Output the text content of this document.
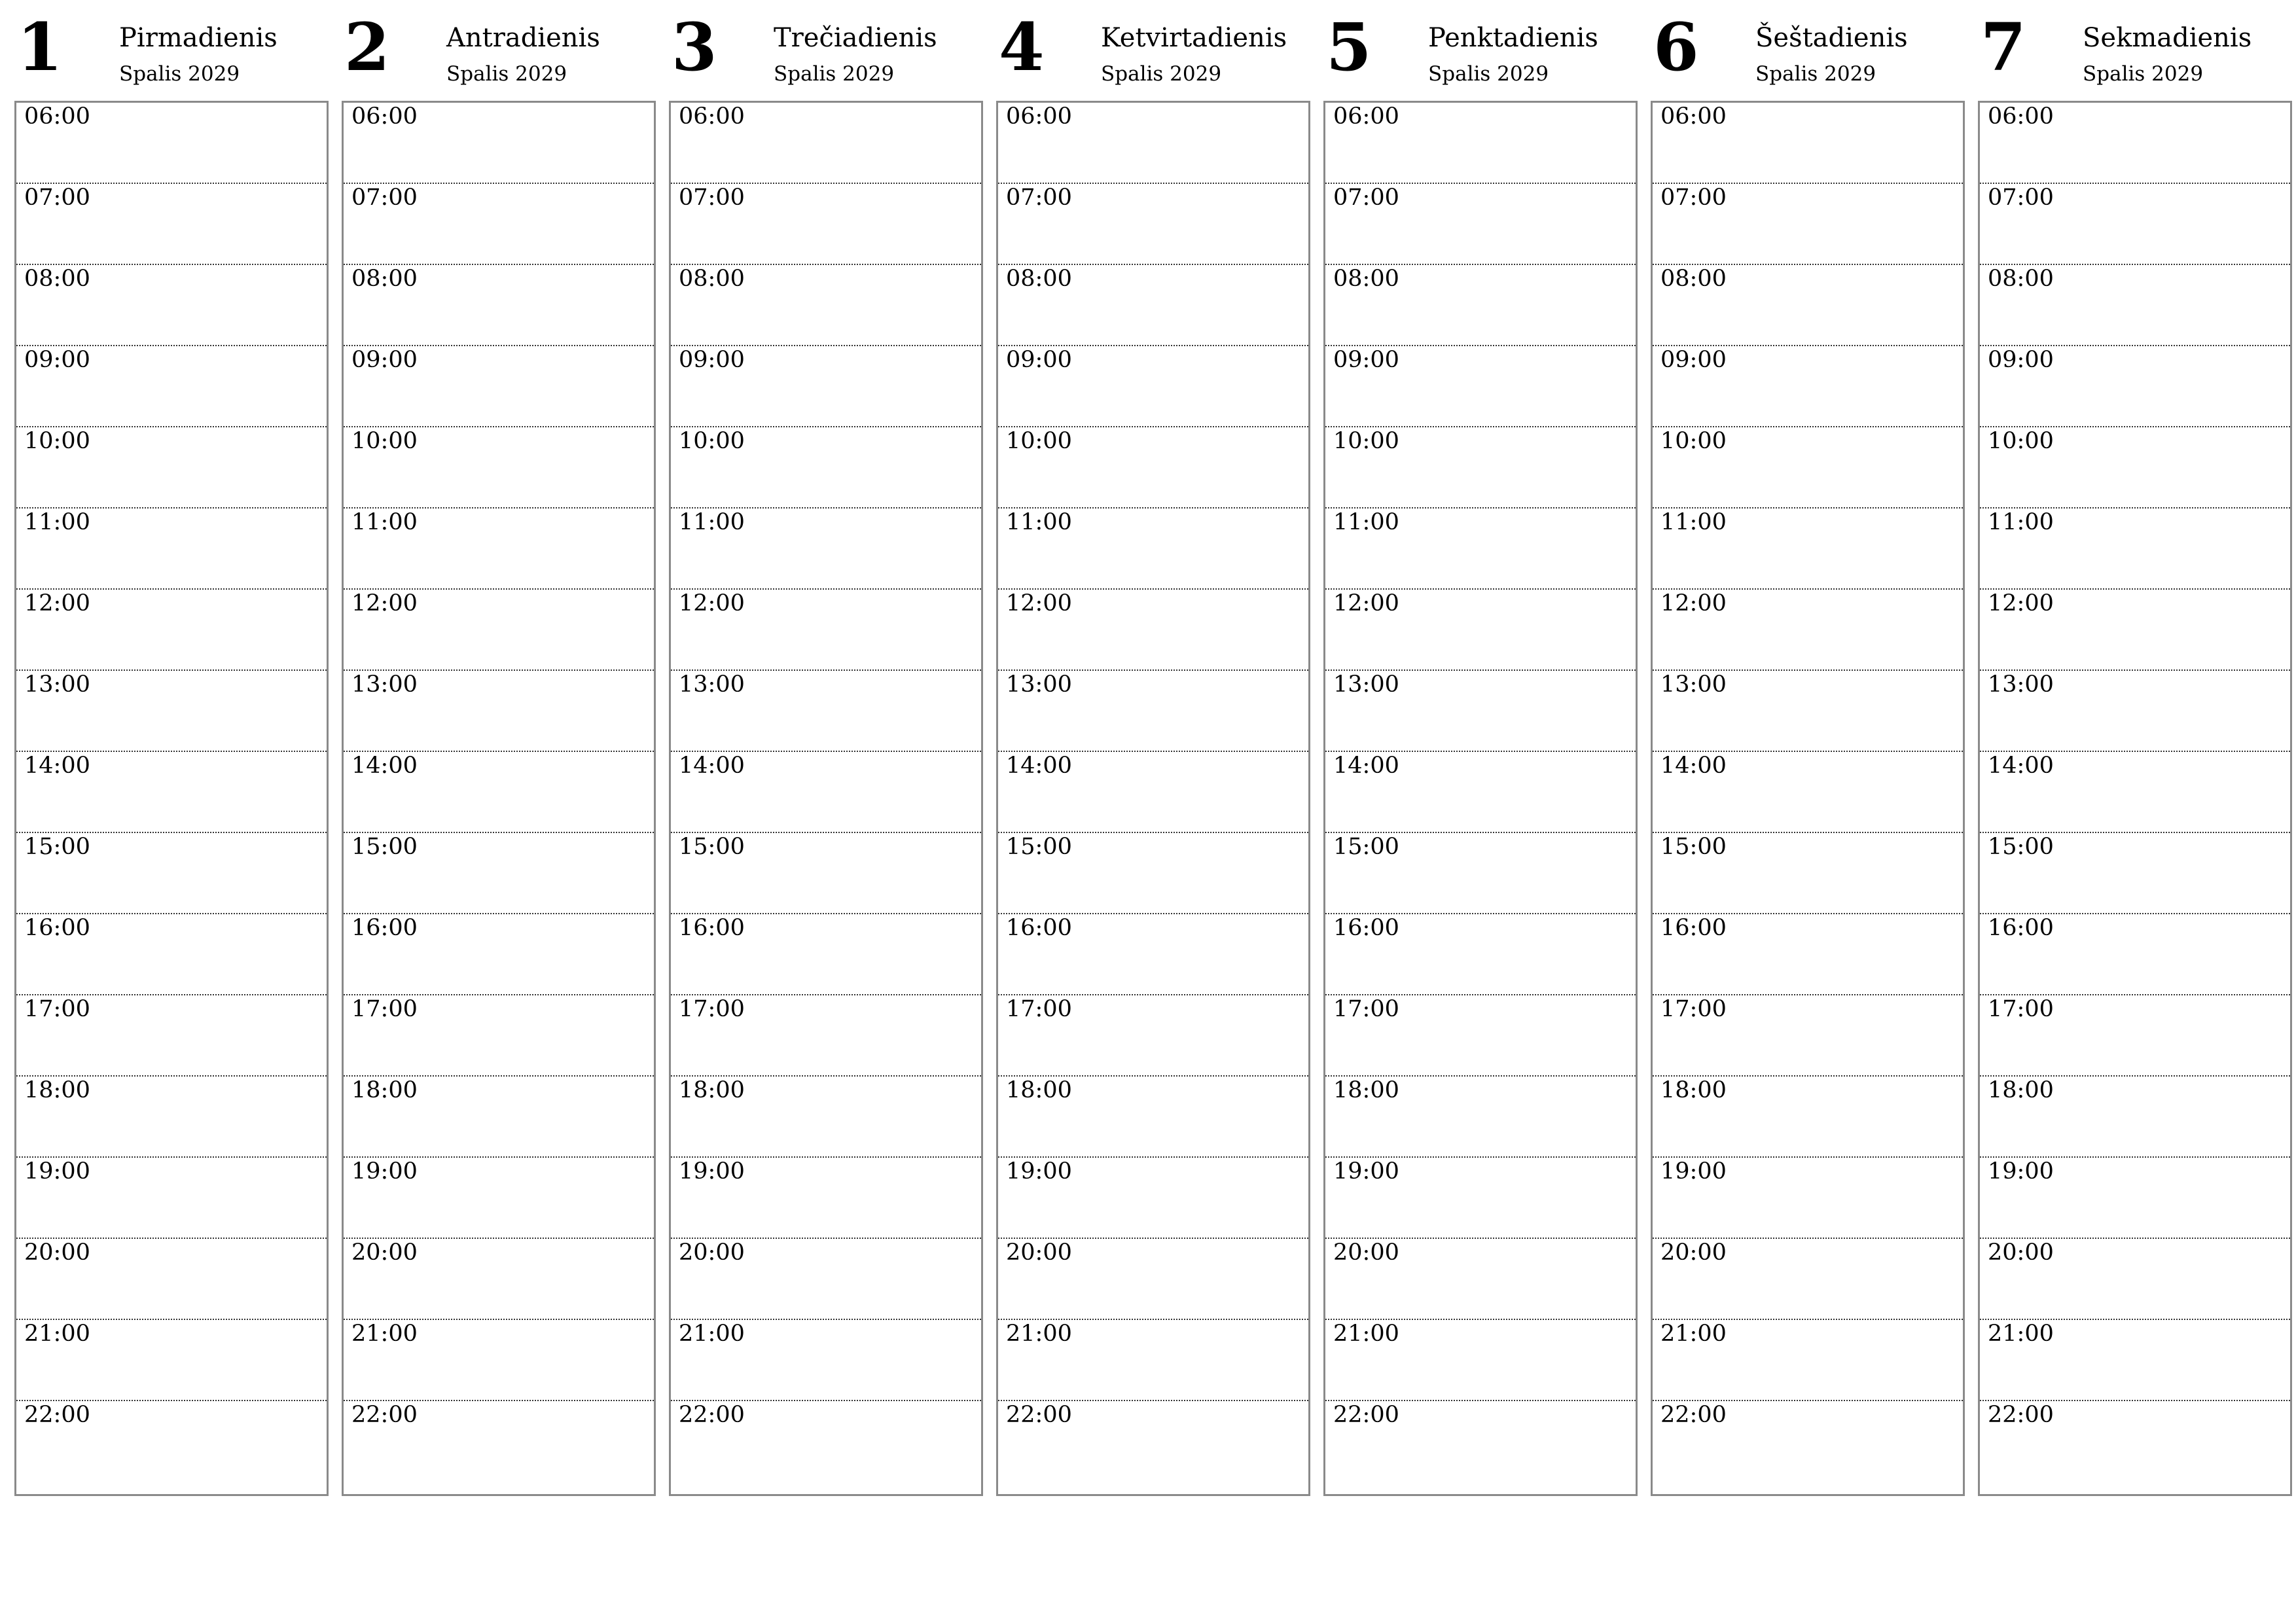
1 Pirmadienis
Spalis 2029
06:00
07:00
08:00
09:00
10:00
11:00
12:00
13:00
14:00
15:00
16:00
17:00
18:00
19:00
20:00
21:00
22:00
2 Antradienis
Spalis 2029
06:00
07:00
08:00
09:00
10:00
11:00
12:00
13:00
14:00
15:00
16:00
17:00
18:00
19:00
20:00
21:00
22:00
3 Trečiadienis
Spalis 2029
06:00
07:00
08:00
09:00
10:00
11:00
12:00
13:00
14:00
15:00
16:00
17:00
18:00
19:00
20:00
21:00
22:00
4 Ketvirtadienis
Spalis 2029
06:00
07:00
08:00
09:00
10:00
11:00
12:00
13:00
14:00
15:00
16:00
17:00
18:00
19:00
20:00
21:00
22:00
5 Penktadienis
Spalis 2029
06:00
07:00
08:00
09:00
10:00
11:00
12:00
13:00
14:00
15:00
16:00
17:00
18:00
19:00
20:00
21:00
22:00
6 Šeštadienis
Spalis 2029
06:00
07:00
08:00
09:00
10:00
11:00
12:00
13:00
14:00
15:00
16:00
17:00
18:00
19:00
20:00
21:00
22:00
7 Sekmadienis
Spalis 2029
06:00
07:00
08:00
09:00
10:00
11:00
12:00
13:00
14:00
15:00
16:00
17:00
18:00
19:00
20:00
21:00
22:00
